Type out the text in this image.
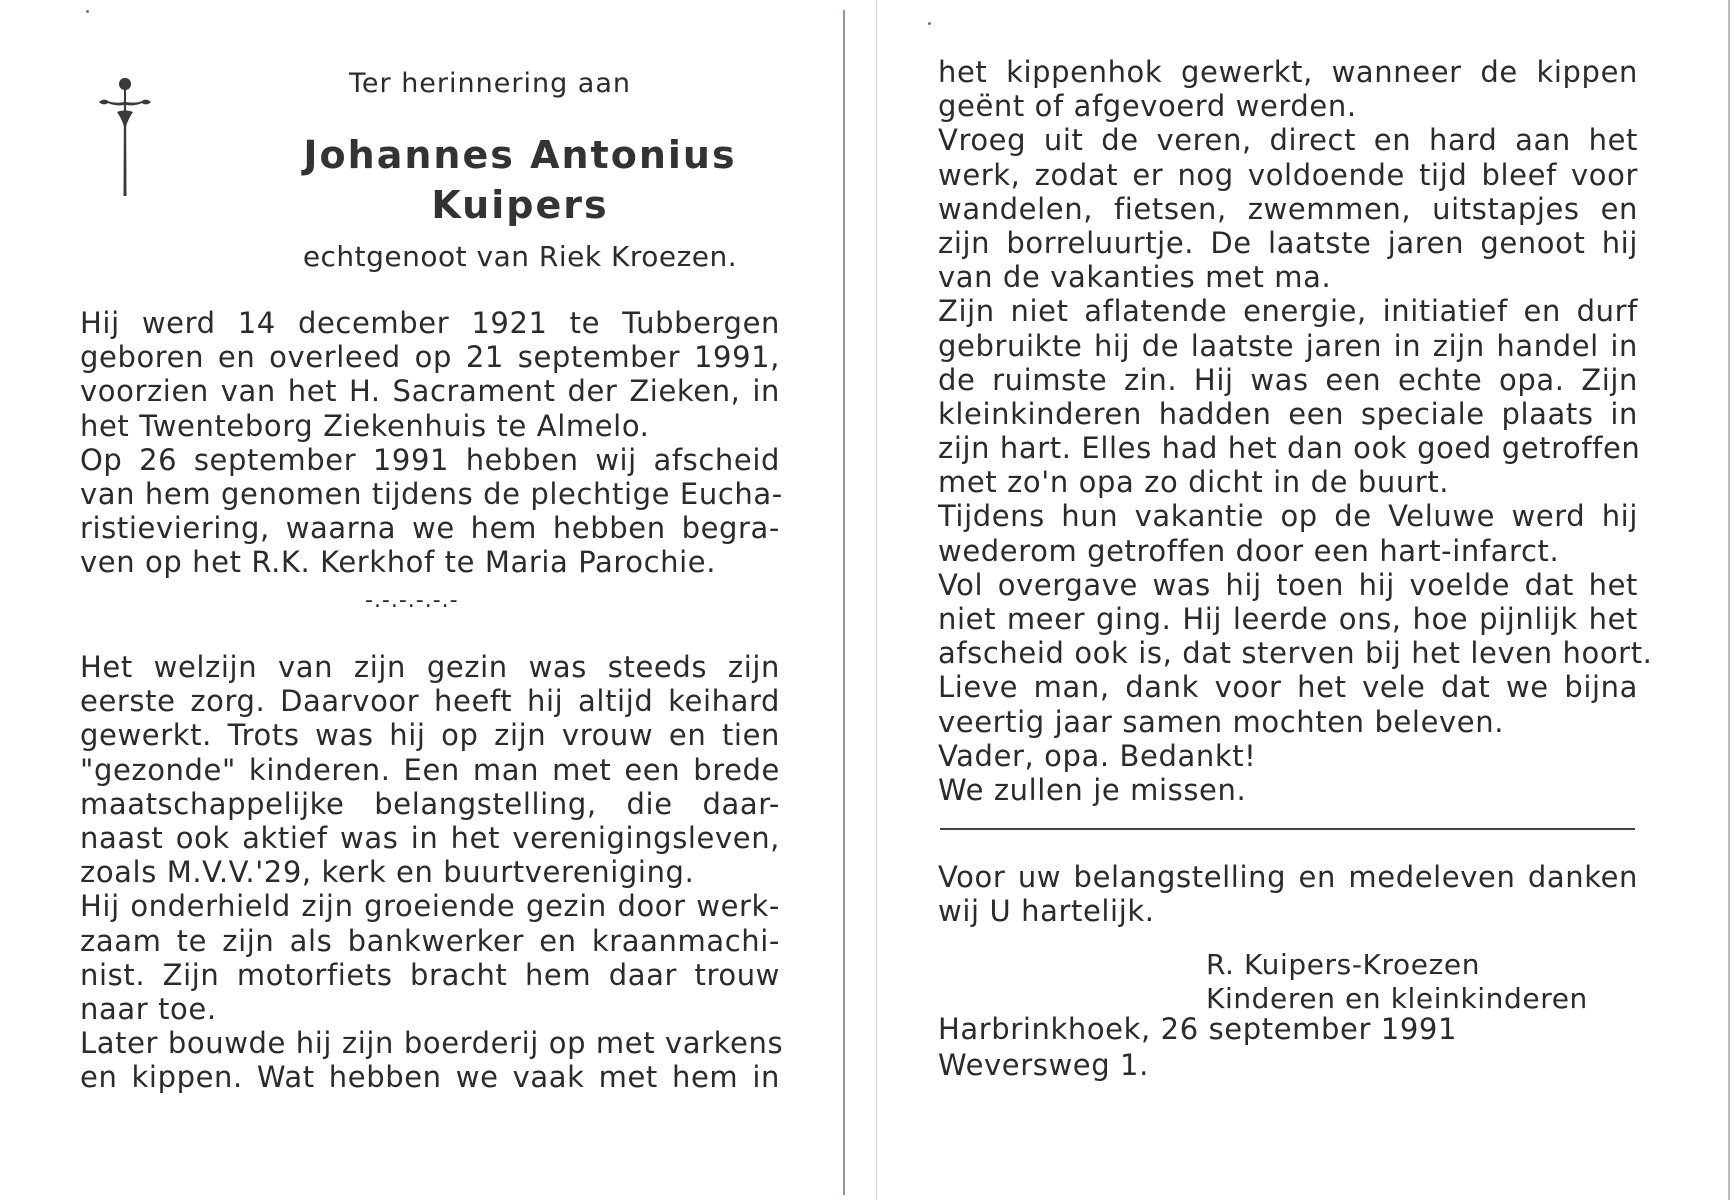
Ter herinnering aan
Johannes Antonius
Kuipers
echtgenoot van Riek Kroezen.
Hij werd 14 december 1921 te Tubbergen
geboren en overleed op 21 september 1991,
voorzien van het H. Sacrament der Zieken, in
het Twenteborg Ziekenhuis te Almelo.
Op 26 september 1991 hebben wij afscheid
van hem genomen tijdens de plechtige Eucha-
ristieviering, waarna we hem hebben begra-
ven op het R.K. Kerkhof te Maria Parochie.
-.-.-.-.-.-
Het welzijn van zijn gezin was steeds zijn
eerste zorg. Daarvoor heeft hij altijd keihard
gewerkt. Trots was hij op zijn vrouw en tien
"gezonde" kinderen. Een man met een brede
maatschappelijke belangstelling, die daar-
naast ook aktief was in het verenigingsleven,
zoals M.V.V.'29, kerk en buurtvereniging.
Hij onderhield zijn groeiende gezin door werk-
zaam te zijn als bankwerker en kraanmachi-
nist. Zijn motorfiets bracht hem daar trouw
naar toe.
Later bouwde hij zijn boerderij op met varkens
en kippen. Wat hebben we vaak met hem in
het kippenhok gewerkt, wanneer de kippen
geënt of afgevoerd werden.
Vroeg uit de veren, direct en hard aan het
werk, zodat er nog voldoende tijd bleef voor
wandelen, fietsen, zwemmen, uitstapjes en
zijn borreluurtje. De laatste jaren genoot hij
van de vakanties met ma.
Zijn niet aflatende energie, initiatief en durf
gebruikte hij de laatste jaren in zijn handel in
de ruimste zin. Hij was een echte opa. Zijn
kleinkinderen hadden een speciale plaats in
zijn hart. Elles had het dan ook goed getroffen
met zo'n opa zo dicht in de buurt.
Tijdens hun vakantie op de Veluwe werd hij
wederom getroffen door een hart-infarct.
Vol overgave was hij toen hij voelde dat het
niet meer ging. Hij leerde ons, hoe pijnlijk het
afscheid ook is, dat sterven bij het leven hoort.
Lieve man, dank voor het vele dat we bijna
veertig jaar samen mochten beleven.
Vader, opa. Bedankt!
We zullen je missen.
Voor uw belangstelling en medeleven danken
wij U hartelijk.
R. Kuipers-Kroezen
Kinderen en kleinkinderen
Harbrinkhoek, 26 september 1991
Weversweg 1.
